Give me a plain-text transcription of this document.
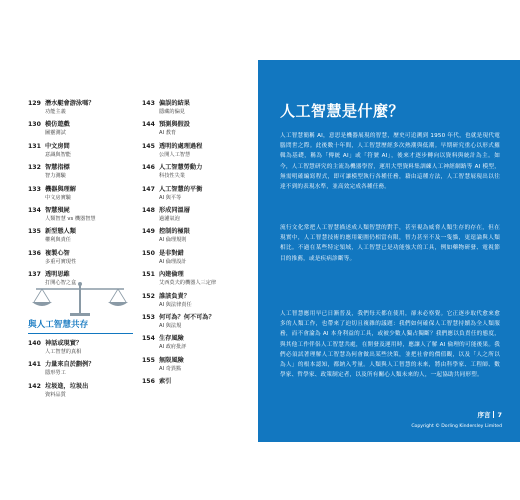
129 潛水艇會游泳嗎？
功能主義
130 模仿遊戲
圖靈測試
131 中文房間
意識與智能
132 智慧指標
智力測驗
133 機器與理解
中文房實驗
134 智慧殞屍
人類智慧 vs 機器智慧
135 新型態人類
權利與責任
136 複製心智
多重可實現性
137 透明思維
打開心智之盒
143 偏誤的結果
隱藏的偏見
144 預測與假設
AI 教育
145 透明的處理過程
公開人工智慧
146 人工智慧勞動力
科技性失業
147 人工智慧的平衡
AI 與平等
148 形成同溫層
過濾氣泡
149 控制的極限
AI 倫理規則
150 是非對錯
AI 倫理設計
151 內建倫理
艾西莫夫的機器人三定律
152 誰該負責？
AI 與法律責任
153 何可為？何不可為？
AI 與法規
154 生存風險
AI 政府批評
155 無限風險
AI 奇異點
156 索引
與人工智慧共存
140 神話或現實？
人工智慧的真相
141 力量來自於劃例？
隱形勞工
142 垃圾進，垃圾出
資料品質
人工智慧是什麼？
人工智慧簡稱 AI，意思是機器展現的智慧，歷史可追溯到 1950 年代，也就是現代電腦問世之際。此後數十年間，人工智慧歷經多次熱潮與低潮。早期研究重心以形式羅輯為基礎，稱為「傳統 AI」或「符號 AI」，後來才逐步轉向以資料與統計為主。如今，人工智慧研究的主流為機器學習，運用大型資料集訓練人工神經網路等 AI 模型，無需明確編寫程式，即可讓模型執行各種任務，藉由這種方法，人工智慧展現出以往達不到的表現水準，並高效完成各種任務。
流行文化常把人工智慧描述成人類智慧的對手，甚至視為威脅人類生存的存在，但在現實中，人工智慧技術的應用範圍仍相當有限，智力甚至不及一隻貓，更遑論與人類相比。不過在某些特定領域，人工智慧已是功能強大的工具，例如藥物研發、電視節目的推薦，或是疾病診斷等。
人工智慧應用早已日漸普及，我們每天都在使用，卻未必察覺。它正逐步取代愈來愈多的人類工作，也帶來了迫切且複雜的議題：我們如何確保人工智慧持續為全人類服務，而不會淪為 AI 本身利益的工具，或被少數人獨占獨斷？我們應以負責任的態度，與其他工作伴侶人工智慧共處，在開發及運用時，應讓人了解 AI 倫理的可能後果。我們必須試著理解人工智慧為何會做出某些決策，並把社會的價值觀，以及「人之所以為人」的根本認知，都納入考量。人類與人工智慧的未來，將由科學家、工程師、數學家、哲學家、政策制定者，以及所有關心人類未來的人，一起協助共同形塑。
序言 7
Copyright © Dorling Kindersley Limited
